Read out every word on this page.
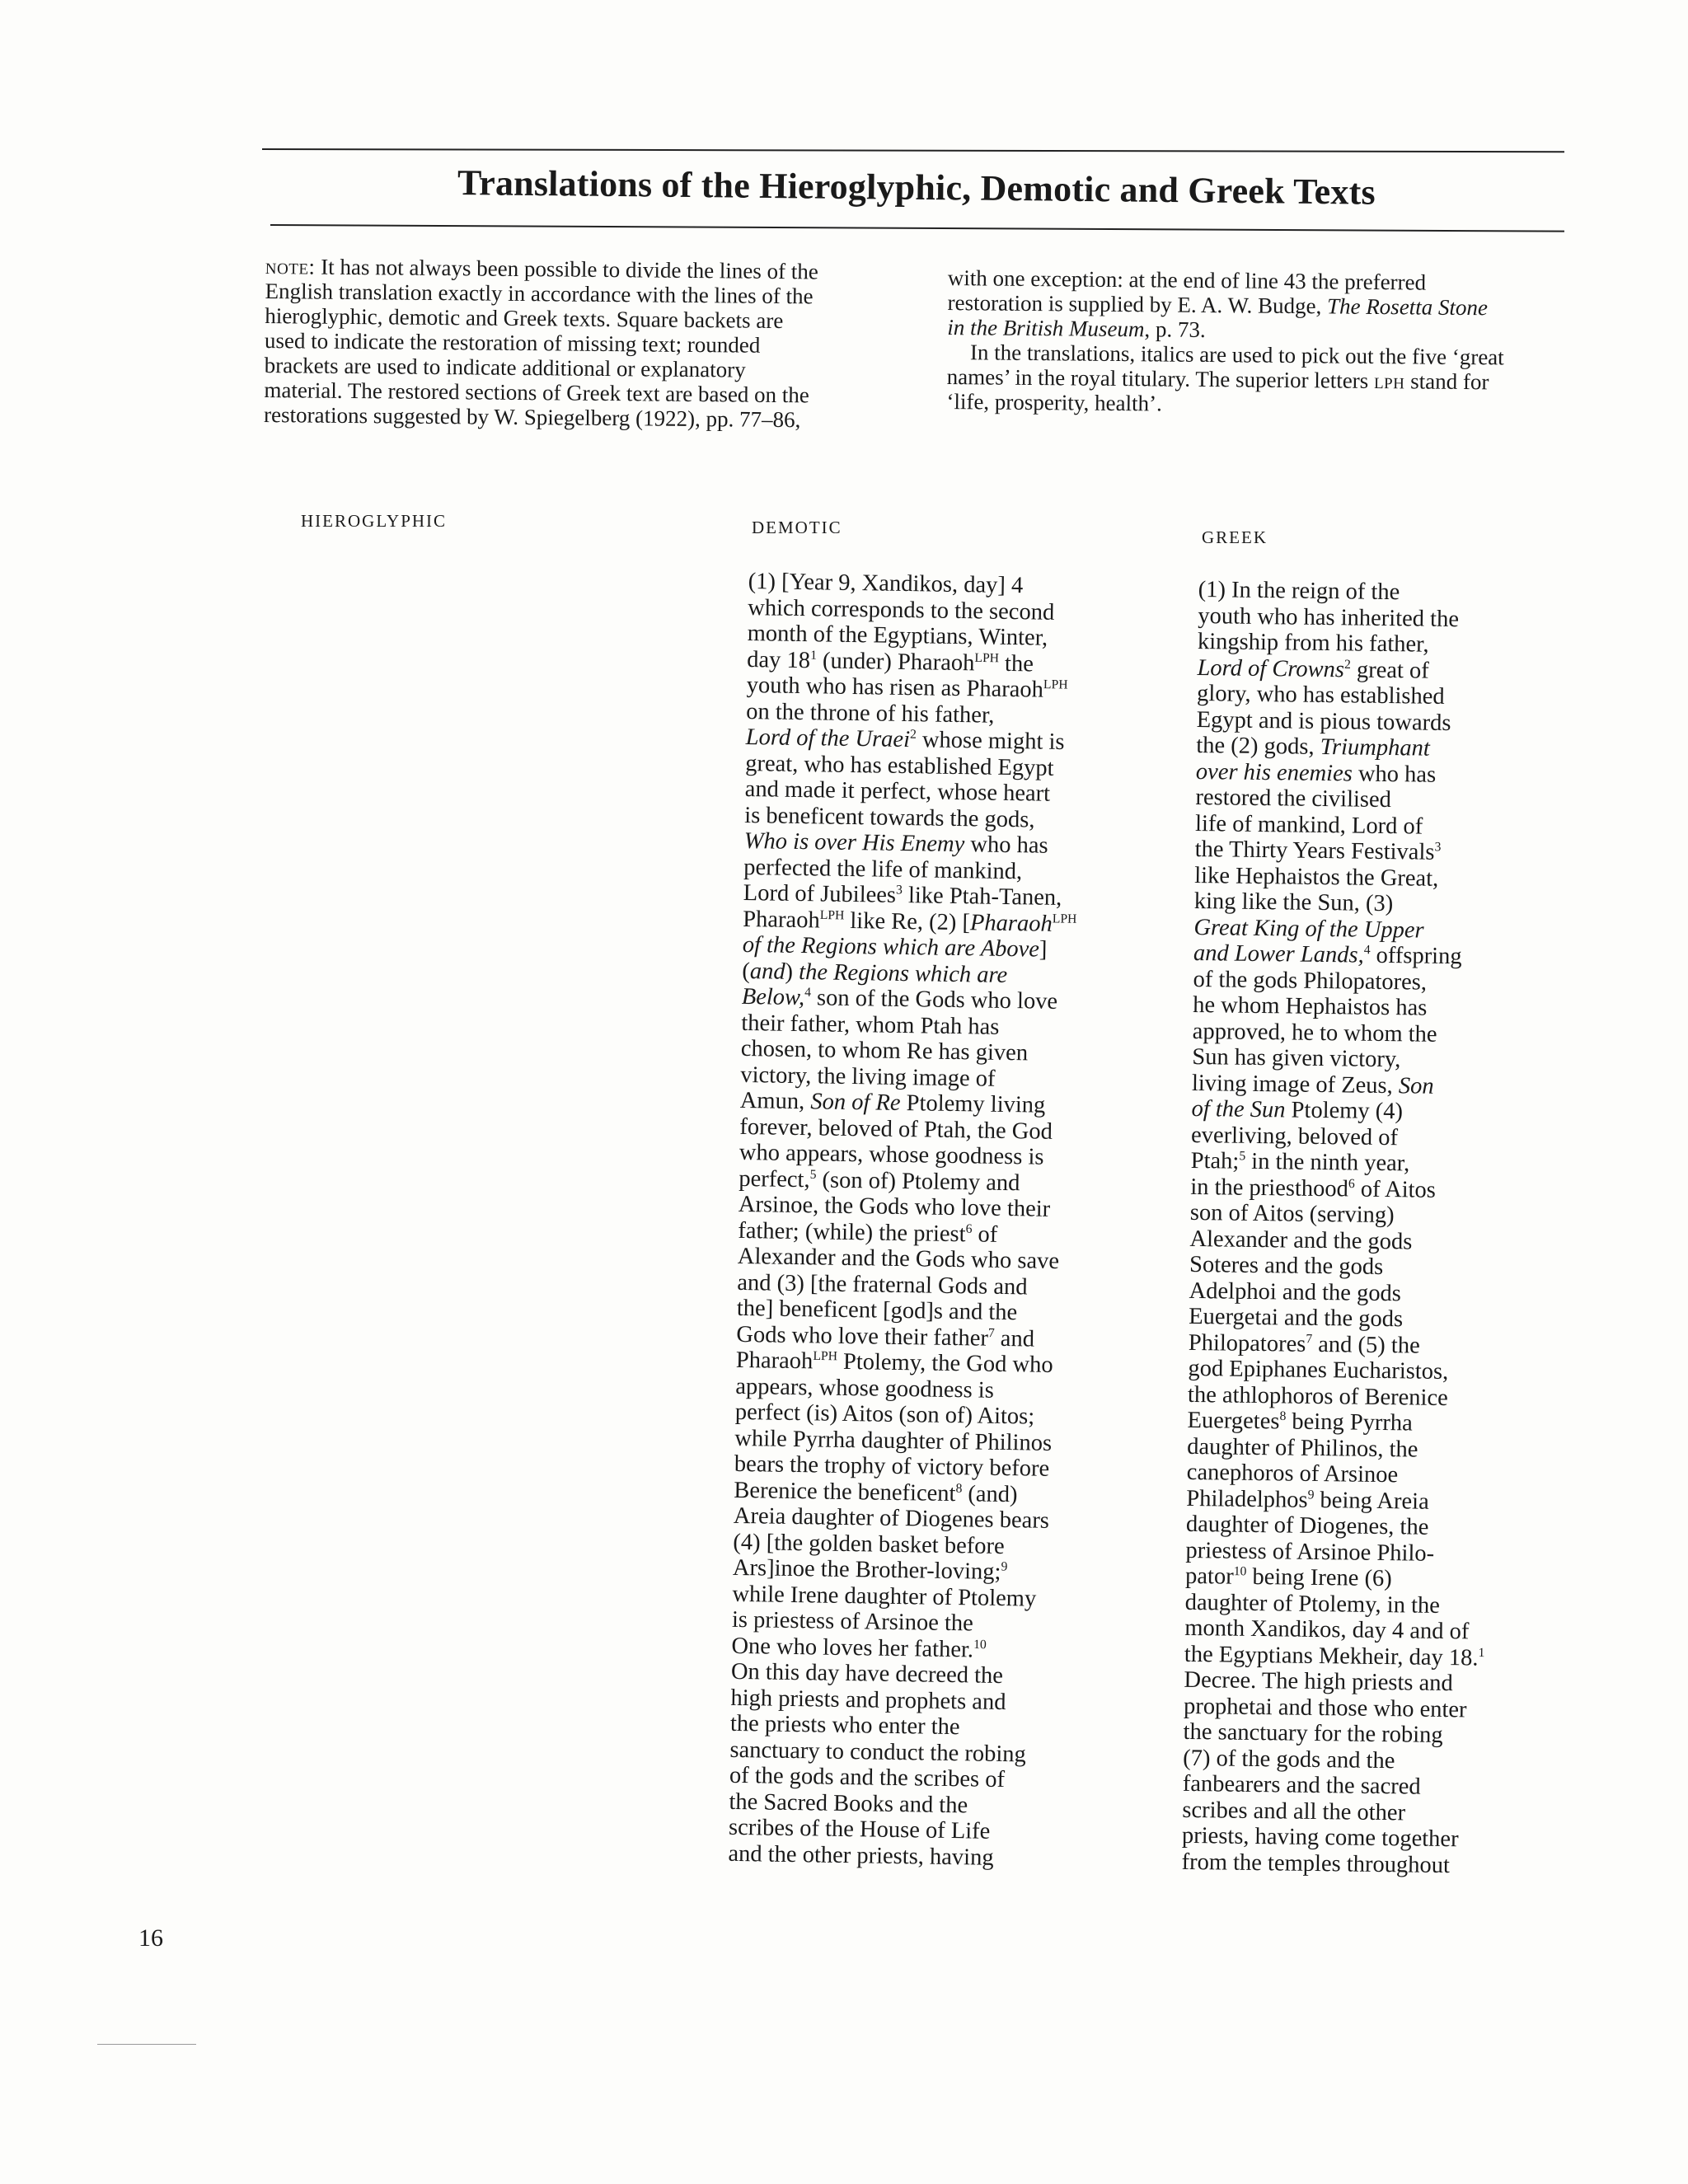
Translations of the Hieroglyphic, Demotic and Greek Texts
note: It has not always been possible to divide the lines of the
English translation exactly in accordance with the lines of the
hieroglyphic, demotic and Greek texts. Square backets are
used to indicate the restoration of missing text; rounded
brackets are used to indicate additional or explanatory
material. The restored sections of Greek text are based on the
restorations suggested by W. Spiegelberg (1922), pp. 77–86,
with one exception: at the end of line 43 the preferred
restoration is supplied by E. A. W. Budge, The Rosetta Stone
in the British Museum, p. 73.
In the translations, italics are used to pick out the five ‘great
names’ in the royal titulary. The superior letters lph stand for
‘life, prosperity, health’.
HIEROGLYPHIC	DEMOTIC	GREEK
(1) [Year 9, Xandikos, day] 4
which corresponds to the second
month of the Egyptians, Winter,
day $18^1$ (under) Pharaoh$^{LPH}$ the
youth who has risen as Pharaoh$^{LPH}$
on the throne of his father,
Lord of the Uraei$^2$ whose might is
great, who has established Egypt
and made it perfect, whose heart
is beneficent towards the gods,
Who is over His Enemy who has
perfected the life of mankind,
Lord of Jubilees$^3$ like Ptah-Tanen,
Pharaoh$^{LPH}$ like Re, (2) [Pharaoh$^{LPH}$
of the Regions which are Above]
(and) the Regions which are
Below,$^4$ son of the Gods who love
their father, whom Ptah has
chosen, to whom Re has given
victory, the living image of
Amun, Son of Re Ptolemy living
forever, beloved of Ptah, the God
who appears, whose goodness is
perfect,$^5$ (son of) Ptolemy and
Arsinoe, the Gods who love their
father; (while) the priest$^6$ of
Alexander and the Gods who save
and (3) [the fraternal Gods and
the] beneficent [god]s and the
Gods who love their father$^7$ and
Pharaoh$^{LPH}$ Ptolemy, the God who
appears, whose goodness is
perfect (is) Aitos (son of) Aitos;
while Pyrrha daughter of Philinos
bears the trophy of victory before
Berenice the beneficent$^8$ (and)
Areia daughter of Diogenes bears
(4) [the golden basket before
Ars]inoe the Brother-loving;$^9$
while Irene daughter of Ptolemy
is priestess of Arsinoe the
One who loves her father.$^{10}$
On this day have decreed the
high priests and prophets and
the priests who enter the
sanctuary to conduct the robing
of the gods and the scribes of
the Sacred Books and the
scribes of the House of Life
and the other priests, having
(1) In the reign of the
youth who has inherited the
kingship from his father,
Lord of Crowns$^2$ great of
glory, who has established
Egypt and is pious towards
the (2) gods, Triumphant
over his enemies who has
restored the civilised
life of mankind, Lord of
the Thirty Years Festivals$^3$
like Hephaistos the Great,
king like the Sun, (3)
Great King of the Upper
and Lower Lands,$^4$ offspring
of the gods Philopatores,
he whom Hephaistos has
approved, he to whom the
Sun has given victory,
living image of Zeus, Son
of the Sun Ptolemy (4)
everliving, beloved of
Ptah;$^5$ in the ninth year,
in the priesthood$^6$ of Aitos
son of Aitos (serving)
Alexander and the gods
Soteres and the gods
Adelphoi and the gods
Euergetai and the gods
Philopatores$^7$ and (5) the
god Epiphanes Eucharistos,
the athlophoros of Berenice
Euergetes$^8$ being Pyrrha
daughter of Philinos, the
canephoros of Arsinoe
Philadelphos$^9$ being Areia
daughter of Diogenes, the
priestess of Arsinoe Philo-
pator$^{10}$ being Irene (6)
daughter of Ptolemy, in the
month Xandikos, day 4 and of
the Egyptians Mekheir, day 18.$^1$
Decree. The high priests and
prophetai and those who enter
the sanctuary for the robing
(7) of the gods and the
fanbearers and the sacred
scribes and all the other
priests, having come together
from the temples throughout
16
